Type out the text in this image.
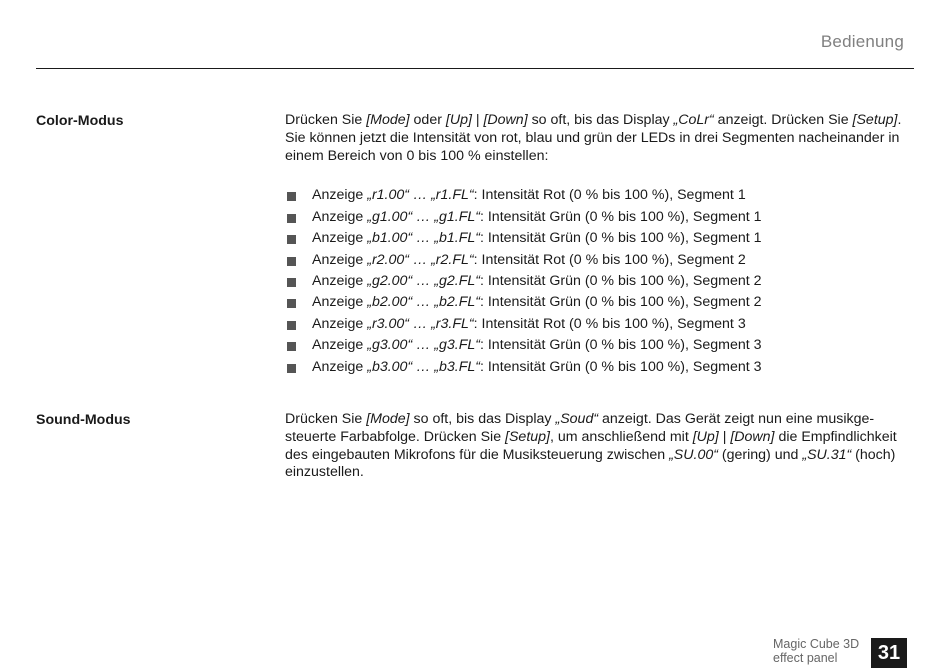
Bedienung
Color-Modus	Drücken Sie [Mode] oder [Up] | [Down] so oft, bis das Display „CoLr“ anzeigt. Drücken Sie [Setup]. Sie können jetzt die Intensität von rot, blau und grün der LEDs in drei Segmenten nacheinander in einem Bereich von 0 bis 100 % einstellen:

Anzeige „r1.00“ … „r1.FL“: Intensität Rot (0 % bis 100 %), Segment 1
Anzeige „g1.00“ … „g1.FL“: Intensität Grün (0 % bis 100 %), Segment 1
Anzeige „b1.00“ … „b1.FL“: Intensität Grün (0 % bis 100 %), Segment 1
Anzeige „r2.00“ … „r2.FL“: Intensität Rot (0 % bis 100 %), Segment 2
Anzeige „g2.00“ … „g2.FL“: Intensität Grün (0 % bis 100 %), Segment 2
Anzeige „b2.00“ … „b2.FL“: Intensität Grün (0 % bis 100 %), Segment 2
Anzeige „r3.00“ … „r3.FL“: Intensität Rot (0 % bis 100 %), Segment 3
Anzeige „g3.00“ … „g3.FL“: Intensität Grün (0 % bis 100 %), Segment 3
Anzeige „b3.00“ … „b3.FL“: Intensität Grün (0 % bis 100 %), Segment 3
Sound-Modus	Drücken Sie [Mode] so oft, bis das Display „Soud“ anzeigt. Das Gerät zeigt nun eine musikgesteuerte Farbabfolge. Drücken Sie [Setup], um anschließend mit [Up] | [Down] die Empfindlichkeit des eingebauten Mikrofons für die Musiksteuerung zwischen „SU.00“ (gering) und „SU.31“ (hoch) einzustellen.

Magic Cube 3D
effect panel	31
